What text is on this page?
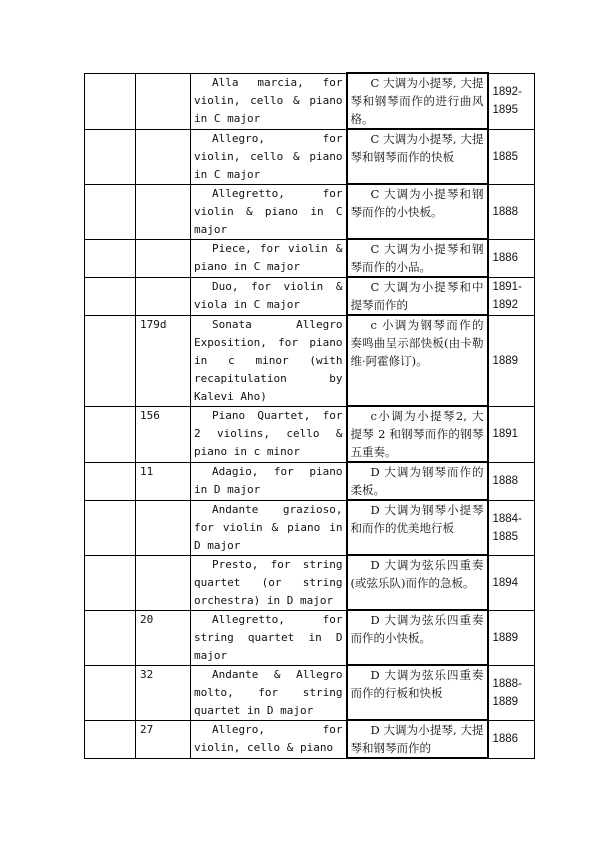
		Alla marcia, for violin, cello & piano in C major	C 大调为小提琴, 大提琴和钢琴而作的进行曲风格。	1892-1895
		Allegro, for violin, cello & piano in C major	C 大调为小提琴, 大提琴和钢琴而作的快板	1885
		Allegretto, for violin & piano in C major	C 大调为小提琴和钢琴而作的小快板。	1888
		Piece, for violin & piano in C major	C 大调为小提琴和钢琴而作的小品。	1886
		Duo, for violin & viola in C major	C 大调为小提琴和中提琴而作的	1891-1892
	179d	Sonata Allegro Exposition, for piano in c minor (with recapitulation by Kalevi Aho)	c 小调为钢琴而作的奏鸣曲呈示部快板(由卡勒维·阿霍修订)。	1889
	156	Piano Quartet, for 2 violins, cello & piano in c minor	c小调为小提琴2, 大提琴 2 和钢琴而作的钢琴五重奏。	1891
	11	Adagio, for piano in D major	D 大调为钢琴而作的柔板。	1888
		Andante grazioso, for violin & piano in D major	D 大调为钢琴小提琴和而作的优美地行板	1884-1885
		Presto, for string quartet (or string orchestra) in D major	D 大调为弦乐四重奏(或弦乐队)而作的急板。	1894
	20	Allegretto, for string quartet in D major	D 大调为弦乐四重奏而作的小快板。	1889
	32	Andante & Allegro molto, for string quartet in D major	D 大调为弦乐四重奏而作的行板和快板	1888-1889
	27	Allegro, for violin, cello & piano	D 大调为小提琴, 大提琴和钢琴而作的	1886
